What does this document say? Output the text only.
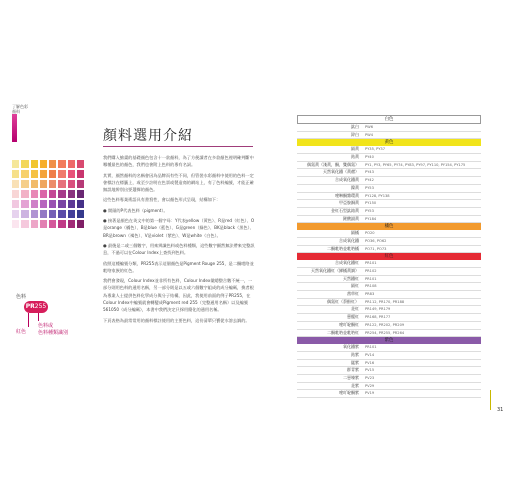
了解色彩
顏料
色料
PR255
紅色
色料或
色料種類識別
顏料選用介紹

我們購入繪畫的基礎顏色包含十一款顏料，為了方便讀者在多款顏色裡明確判斷中哪種最色的顏色，我們也會附上色料的專有名詞。

其實，顏然顏料的名稱會因為品牌而有些不同，但管裝水彩顏料中使用的色料一定會標註在標籤上，或至少註明在色票或製造商的網站上，有了色料編號，才能正確無誤地辨別出要選擇的顏色。

這些色料專業術語具有書寫性，會以顏色形式呈現，結構如下：

● 開頭的P代表色料（pigment）。

● 接著是顏色在英文中的第一個字母：Y代表yellow（黃色）、R是red（紅色）、O是orange（橘色）、B是blue（藍色）、G是green（綠色）、BK是black（黑色）、BR是brown（褐色）、V是violet（紫色）、W是white（白色）。

● 最後是二或三個數字，用來辨識色料或色料種類，這些數字顯然無法帶來完整訊息，不過可以在Colour Index上查找到色料。

依照這種編號分類，PR255表示這個顏色是Pigment Rouge 255，是二酮吡咯並吡咯家族的紅色。

我們會發現，Colour Index並非所有色料，Colour Index彙總整合數不統一，一部分則用色料的通用名稱，另一部分則是以五或六個數字組成的成分編碼，換者根為專業人士提供色料化學成分與分子結構，因此，我使用前面的例子PR255，在Colour Index中編號就會轉變成Pigment red 255（完整通用名稱）以及編號 561050（成分編碼），本書中我們決定只採用簡化的通用名稱。

下頁表格為最常常用的顏料標註使用的主要色料，這份清單只寶從水溶去調的。

白色
鈦白	PW6
鋅白	PW4
黃色
鎘黃	PY35, PY37
鈷黃	PY40
偶氮黃（淺黃，酮，雙偶氮）	PY1, PY3, PY65, PY74, PY83, PY97, PY110, PY154, PY175
天然氧化鐵（黃赭）	PY43
合成氧化鐵黃	PY42
鎳黃	PY53
喹啉酮雜環黃	PY128, PY138
甲亞胺銅黃	PY150
金紅石型鈦鉻黃	PY53
鉍酸鋇黃	PY184
橘色
鎘橘	PO20
合成氧化鐵	PO36, PO62
二酮吡咯並吡咯橘	PO71, PO73
紅色
合成氧化鐵紅	PR101
天然氧化鐵紅（銻橘黃調）	PR102
天然鐵紅	PR101
鎘紅	PR108
茜草紅	PR83
偶氮紅（萘酚紅）	PR112, PR170, PR188
苝紅	PR149, PR179
蒽醌紅	PR168, PR177
喹吖啶酮紅	PR122, PR202, PR209
二酮吡咯並吡咯紅	PR254, PR255, PR264
紫色
氧化鐵紫	PR101
鈷紫	PV14
錳紫	PV16
群青紫	PV15
二惡嗪紫	PV23
苝紫	PV29
喹吖啶酮紫	PV19
31
